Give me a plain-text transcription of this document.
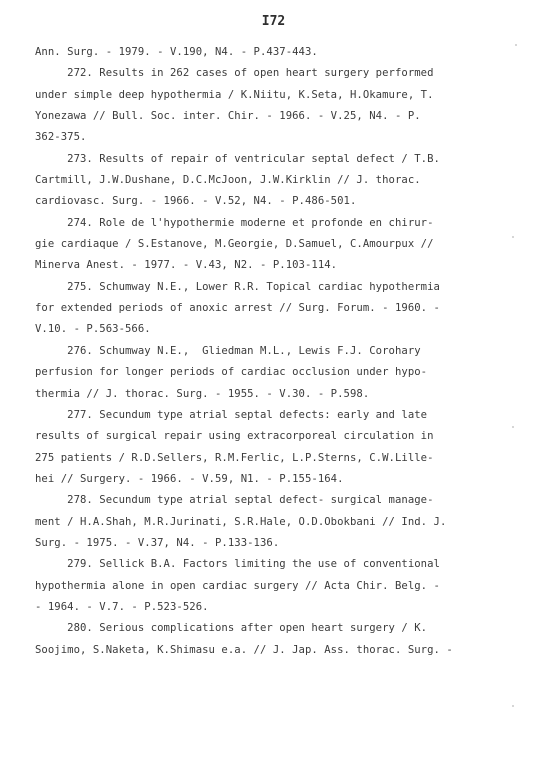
I72
Ann. Surg. - 1979. - V.190, N4. - P.437-443.
272. Results in 262 cases of open heart surgery performed
under simple deep hypothermia / K.Niitu, K.Seta, H.Okamure, T.
Yonezawa // Bull. Soc. inter. Chir. - 1966. - V.25, N4. - P.
362-375.
273. Results of repair of ventricular septal defect / T.B.
Cartmill, J.W.Dushane, D.C.McJoon, J.W.Kirklin // J. thorac.
cardiovasc. Surg. - 1966. - V.52, N4. - P.486-501.
274. Role de l'hypothermie moderne et profonde en chirur-
gie cardiaque / S.Estanove, M.Georgie, D.Samuel, C.Amourpux //
Minerva Anest. - 1977. - V.43, N2. - P.103-114.
275. Schumway N.E., Lower R.R. Topical cardiac hypothermia
for extended periods of anoxic arrest // Surg. Forum. - 1960. -
V.10. - P.563-566.
276. Schumway N.E.,  Gliedman M.L., Lewis F.J. Corohary
perfusion for longer periods of cardiac occlusion under hypo-
thermia // J. thorac. Surg. - 1955. - V.30. - P.598.
277. Secundum type atrial septal defects: early and late
results of surgical repair using extracorporeal circulation in
275 patients / R.D.Sellers, R.M.Ferlic, L.P.Sterns, C.W.Lille-
hei // Surgery. - 1966. - V.59, N1. - P.155-164.
278. Secundum type atrial septal defect- surgical manage-
ment / H.A.Shah, M.R.Jurinati, S.R.Hale, O.D.Obokbani // Ind. J.
Surg. - 1975. - V.37, N4. - P.133-136.
279. Sellick B.A. Factors limiting the use of conventional
hypothermia alone in open cardiac surgery // Acta Chir. Belg. -
- 1964. - V.7. - P.523-526.
280. Serious complications after open heart surgery / K.
Soojimo, S.Naketa, K.Shimasu e.a. // J. Jap. Ass. thorac. Surg. -
